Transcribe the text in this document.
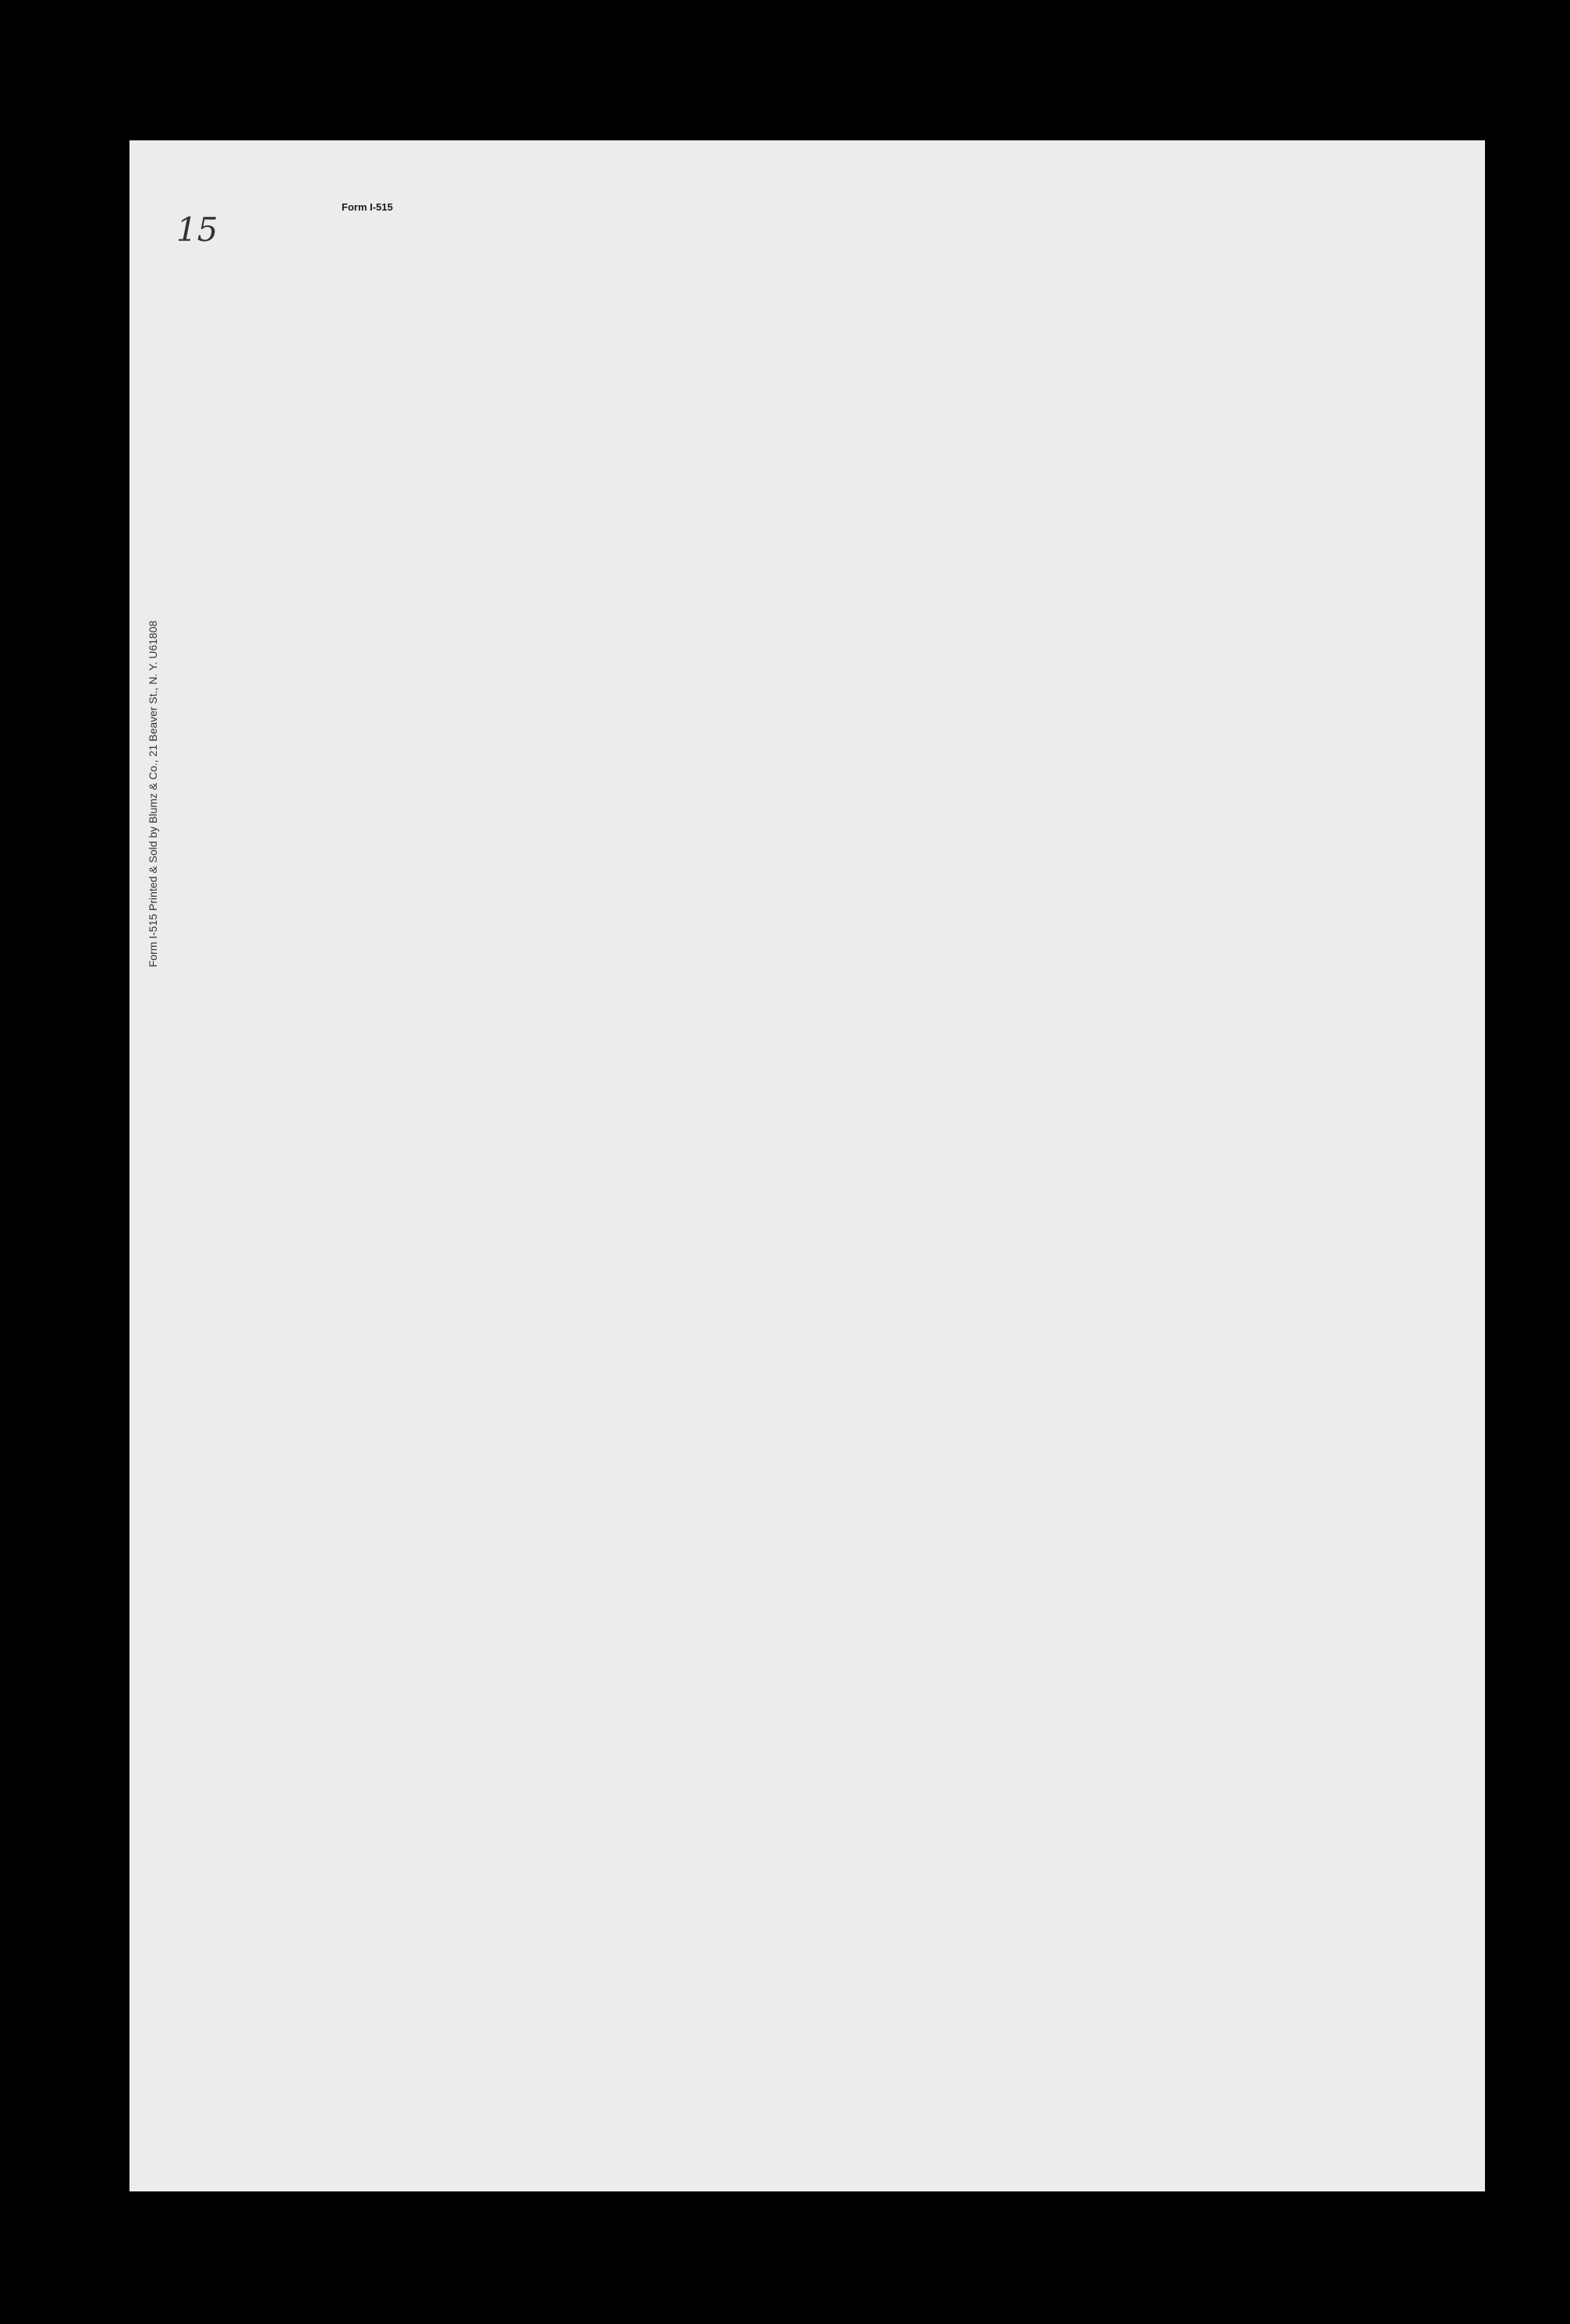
15
Form I-515 Printed & Sold by Blumz & Co., 21 Beaver St., N. Y. U61808
Form I-515
